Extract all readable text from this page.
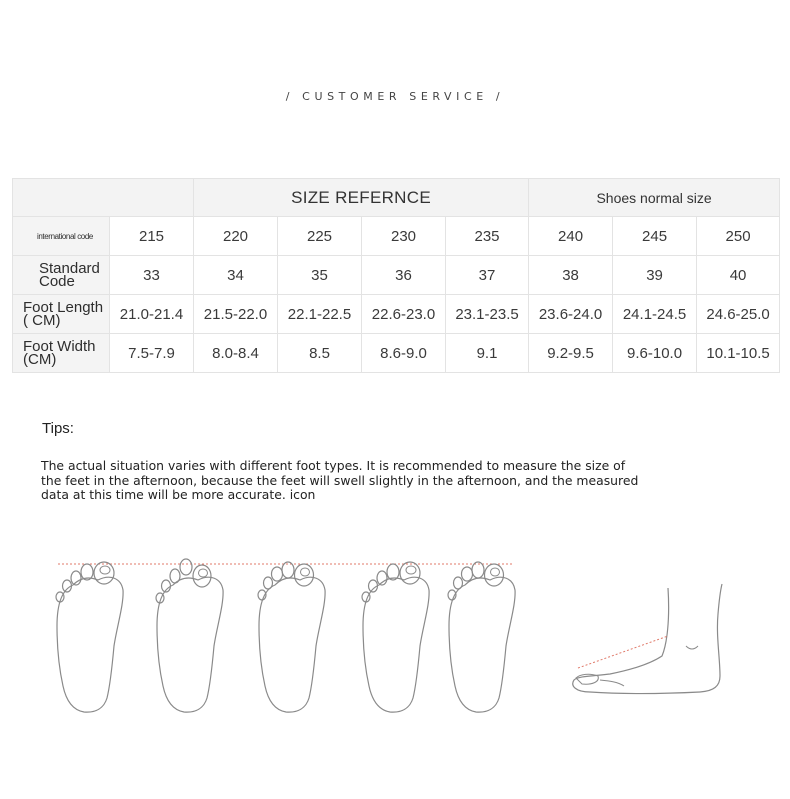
/ CUSTOMER SERVICE /
		SIZE REFERNCE				Shoes normal size		
international code	215	220	225	230	235	240	245	250
Standard Code	33	34	35	36	37	38	39	40
Foot Length ( CM)	21.0-21.4	21.5-22.0	22.1-22.5	22.6-23.0	23.1-23.5	23.6-24.0	24.1-24.5	24.6-25.0
Foot Width (CM)	7.5-7.9	8.0-8.4	8.5	8.6-9.0	9.1	9.2-9.5	9.6-10.0	10.1-10.5
Tips:
The actual situation varies with different foot types. It is recommended to measure the size of the feet in the afternoon, because the feet will swell slightly in the afternoon, and the measured data at this time will be more accurate. icon
